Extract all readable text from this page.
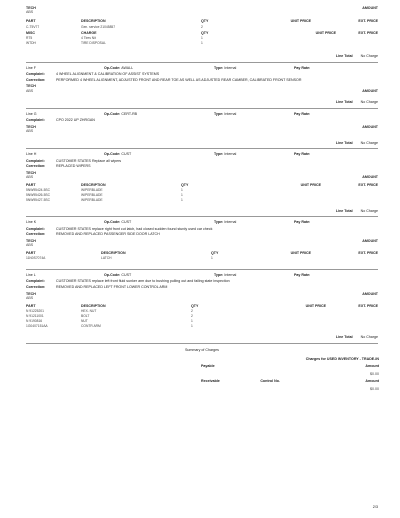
TECH	AMOUNT
ABS
PART	DESCRIPTION	QTY	UNIT PRICE	EXT. PRICE
C-T5V77	Gen. service 21045857	2
MISC	CHARGE	QTY	UNIT PRICE	EXT. PRICE
RT5	4 Tires Nit	1
WTDH	TIRE DISPOSAL	1
Line Total No Charge
Line F	Op-Code: AWALL	Type: Internal	Pay Rate:
Complaint:	4 WHEEL ALIGNMENT & CALIBRATION OF ASSIST SYSTEMS
Correction:	PERFORMED 4 WHEEL ALIGNMENT, ADJUSTED FRONT AND REAR TOE AS WELL AS ADJUSTED REAR CAMBER, CALIBRATED FRONT SENSOR
TECH
ABS	AMOUNT
Line Total No Charge
Line G	Op-Code: CERT-RB	Type: Internal	Pay Rate:
Complaint:	CPO 2022 UP ZHRGAN
TECH	AMOUNT
ABS
Line Total No Charge
Line H	Op-Code: CUST	Type: Internal	Pay Rate:
Complaint:	CUSTOMER STATES Replace all wipers
Correction:	REPLACED WIPERS
TECH
ABS	AMOUNT
PART	DESCRIPTION	QTY	UNIT PRICE	EXT. PRICE
5NW95424-5SC	WIPERBLADE	1
5NW95426-5SC	WIPERBLADE	1
5NW95427-5SC	WIPERBLADE	1
Line Total No Charge
Line K	Op-Code: CUST	Type: Internal	Pay Rate:
Complaint:	CUSTOMER STATES replace right front cut latch, had closed sudden found sturdy used car check
Correction:	REMOVED AND REPLACED PASSENGER SIDE DOOR LATCH
TECH	AMOUNT
ABS
PART	DESCRIPTION	QTY	UNIT PRICE	EXT. PRICE
11N0S7074A	LATCH	1
Line L	Op-Code: CUST	Type: Internal	Pay Rate:
Complaint:	CUSTOMER STATES replace left front fluid sunker arm due to bushing pulling out and failing state inspection
Correction:	REMOVED AND REPLACED LEFT FRONT LOWER CONTROL ARM
TECH	AMOUNT
ABS
PART	DESCRIPTION	QTY	UNIT PRICE	EXT. PRICE
N 91225201	HEX. NUT	2
N 91211001	BOLT	2
N 9190816	NUT	1
1G0407151AA	CONTR ARM	1
Line Total No Charge
Summary of Charges
Charges for USED INVENTORY - TRADE-IN
Payable	Amount
$0.00
Receivable	Control No.	Amount
$0.00
2/3
